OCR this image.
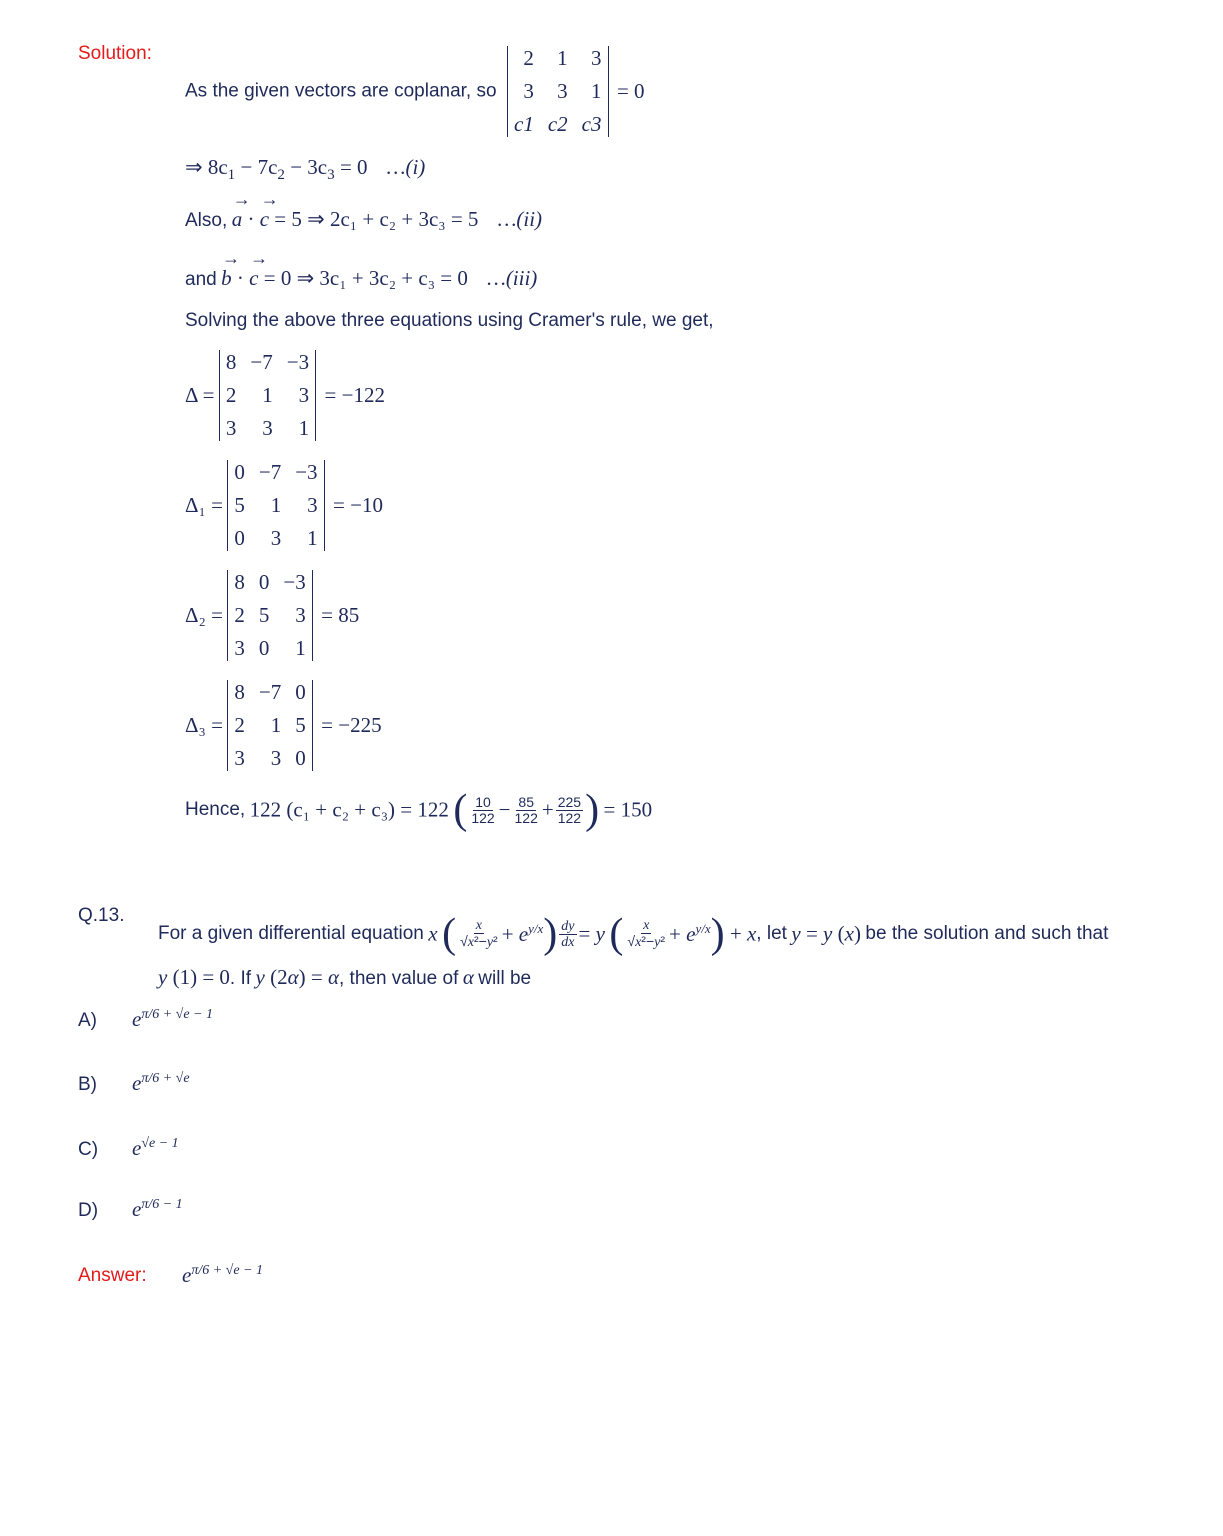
Solution:
As the given vectors are coplanar, so
2	1	3
3	3	1
c1 c2 c3
= 0
⇒ $8c_1 - 7c_2 - 3c_3 = 0$ …(i)
Also, → a · → c = 5 ⇒ 2c₁ + c₂ + 3c₃ = 5 …(ii)
and → b · → c = 0 ⇒ 3c₁ + 3c₂ + c₃ = 0 …(iii)
Solving the above three equations using Cramer's rule, we get,
Δ =
8 −7 −3
2	1	3
3	3	1
= −122
Δ₁ =
0 −7 −3
5	1	3
0	3	1
= −10
Δ₂ =
8 0 −3
2 5	3
3 0	1
= 85
Δ₃ =
8 −7 0
2	1 5
3	3 0
= −225
Hence, 122 (c₁ + c₂ + c₃) = 122 ( $\frac{10}{122} - \frac{85}{122} + \frac{225}{122}$ ) = 150
Q.13.
For a given differential equation x ( $\frac{x}{\text{√x²−y²}} + e^{y/x}) \frac{dy}{dx} = y$ ( $\frac{x}{\text{√x²−y²}} + e^{y/x}) + x$, let y = y (x) be the solution and such that
y (1) = 0. If y (2α) = α, then value of α will be
A) eπ/6 + √e − 1
B) eπ/6 + √e
C) e√e − 1
D) eπ/6 − 1
Answer: eπ/6 + √e − 1
